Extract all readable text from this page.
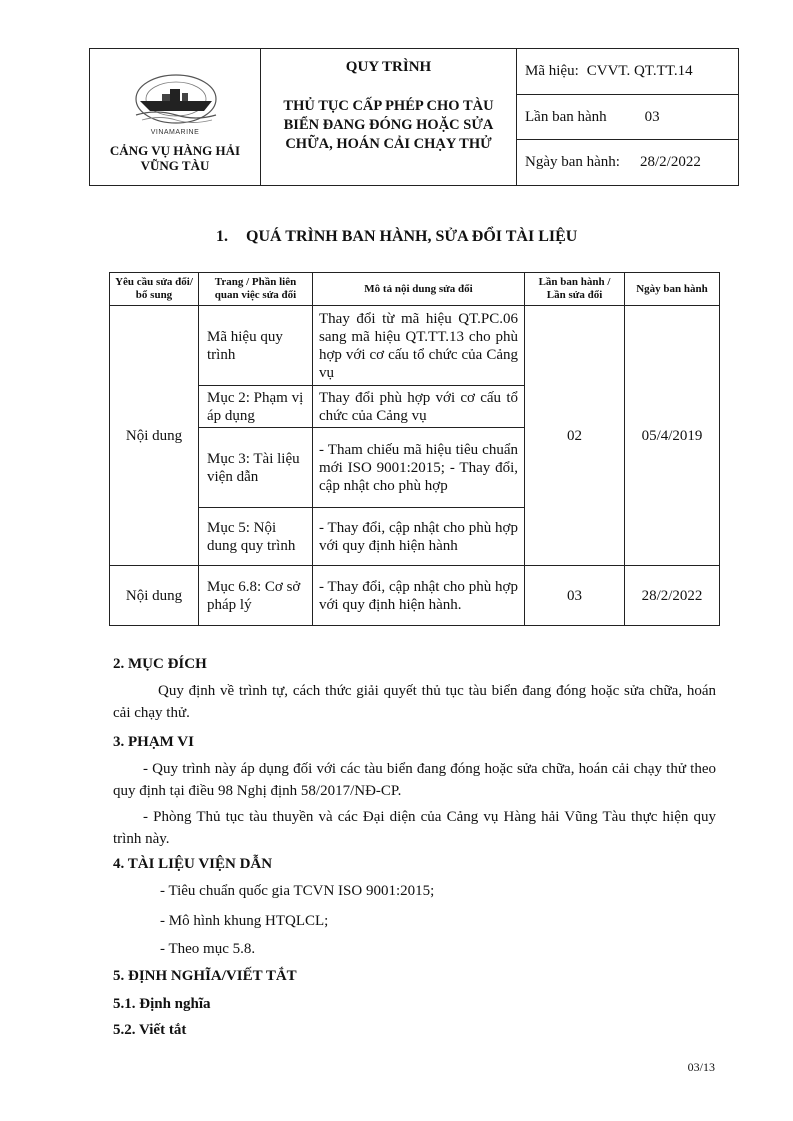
VINAMARINE
CẢNG VỤ HÀNG HẢI
VŨNG TÀU
QUY TRÌNH
THỦ TỤC CẤP PHÉP CHO TÀU BIỂN ĐANG ĐÓNG HOẶC SỬA CHỮA, HOÁN CẢI CHẠY THỬ
Mã hiệu: CVVT. QT.TT.14
Lần ban hành	03
Ngày ban hành: 28/2/2022
1. QUÁ TRÌNH BAN HÀNH, SỬA ĐỔI TÀI LIỆU
Yêu cầu sửa đổi/ bổ sung	Trang / Phần liên quan việc sửa đổi	Mô tả nội dung sửa đổi	Lần ban hành / Lần sửa đổi	Ngày ban hành
Nội dung	Mã hiệu quy trình	Thay đổi từ mã hiệu QT.PC.06 sang mã hiệu QT.TT.13 cho phù hợp với cơ cấu tổ chức của Cảng vụ	02	05/4/2019
	Mục 2: Phạm vị áp dụng	Thay đổi phù hợp với cơ cấu tổ chức của Cảng vụ		
	Mục 3: Tài liệu viện dẫn	- Tham chiếu mã hiệu tiêu chuẩn mới ISO 9001:2015; - Thay đổi, cập nhật cho phù hợp		
	Mục 5: Nội dung quy trình	- Thay đổi, cập nhật cho phù hợp với quy định hiện hành		
Nội dung	Mục 6.8: Cơ sở pháp lý	- Thay đổi, cập nhật cho phù hợp với quy định hiện hành.	03	28/2/2022
2. MỤC ĐÍCH
Quy định về trình tự, cách thức giải quyết thủ tục tàu biển đang đóng hoặc sửa chữa, hoán cải chạy thử.
3. PHẠM VI
- Quy trình này áp dụng đối với các tàu biển đang đóng hoặc sửa chữa, hoán cải chạy thử theo quy định tại điều 98 Nghị định 58/2017/NĐ-CP.
- Phòng Thủ tục tàu thuyền và các Đại diện của Cảng vụ Hàng hải Vũng Tàu thực hiện quy trình này.
4. TÀI LIỆU VIỆN DẪN
- Tiêu chuẩn quốc gia TCVN ISO 9001:2015;
- Mô hình khung HTQLCL;
- Theo mục 5.8.
5. ĐỊNH NGHĨA/VIẾT TẮT
5.1. Định nghĩa
5.2. Viết tắt
03/13
